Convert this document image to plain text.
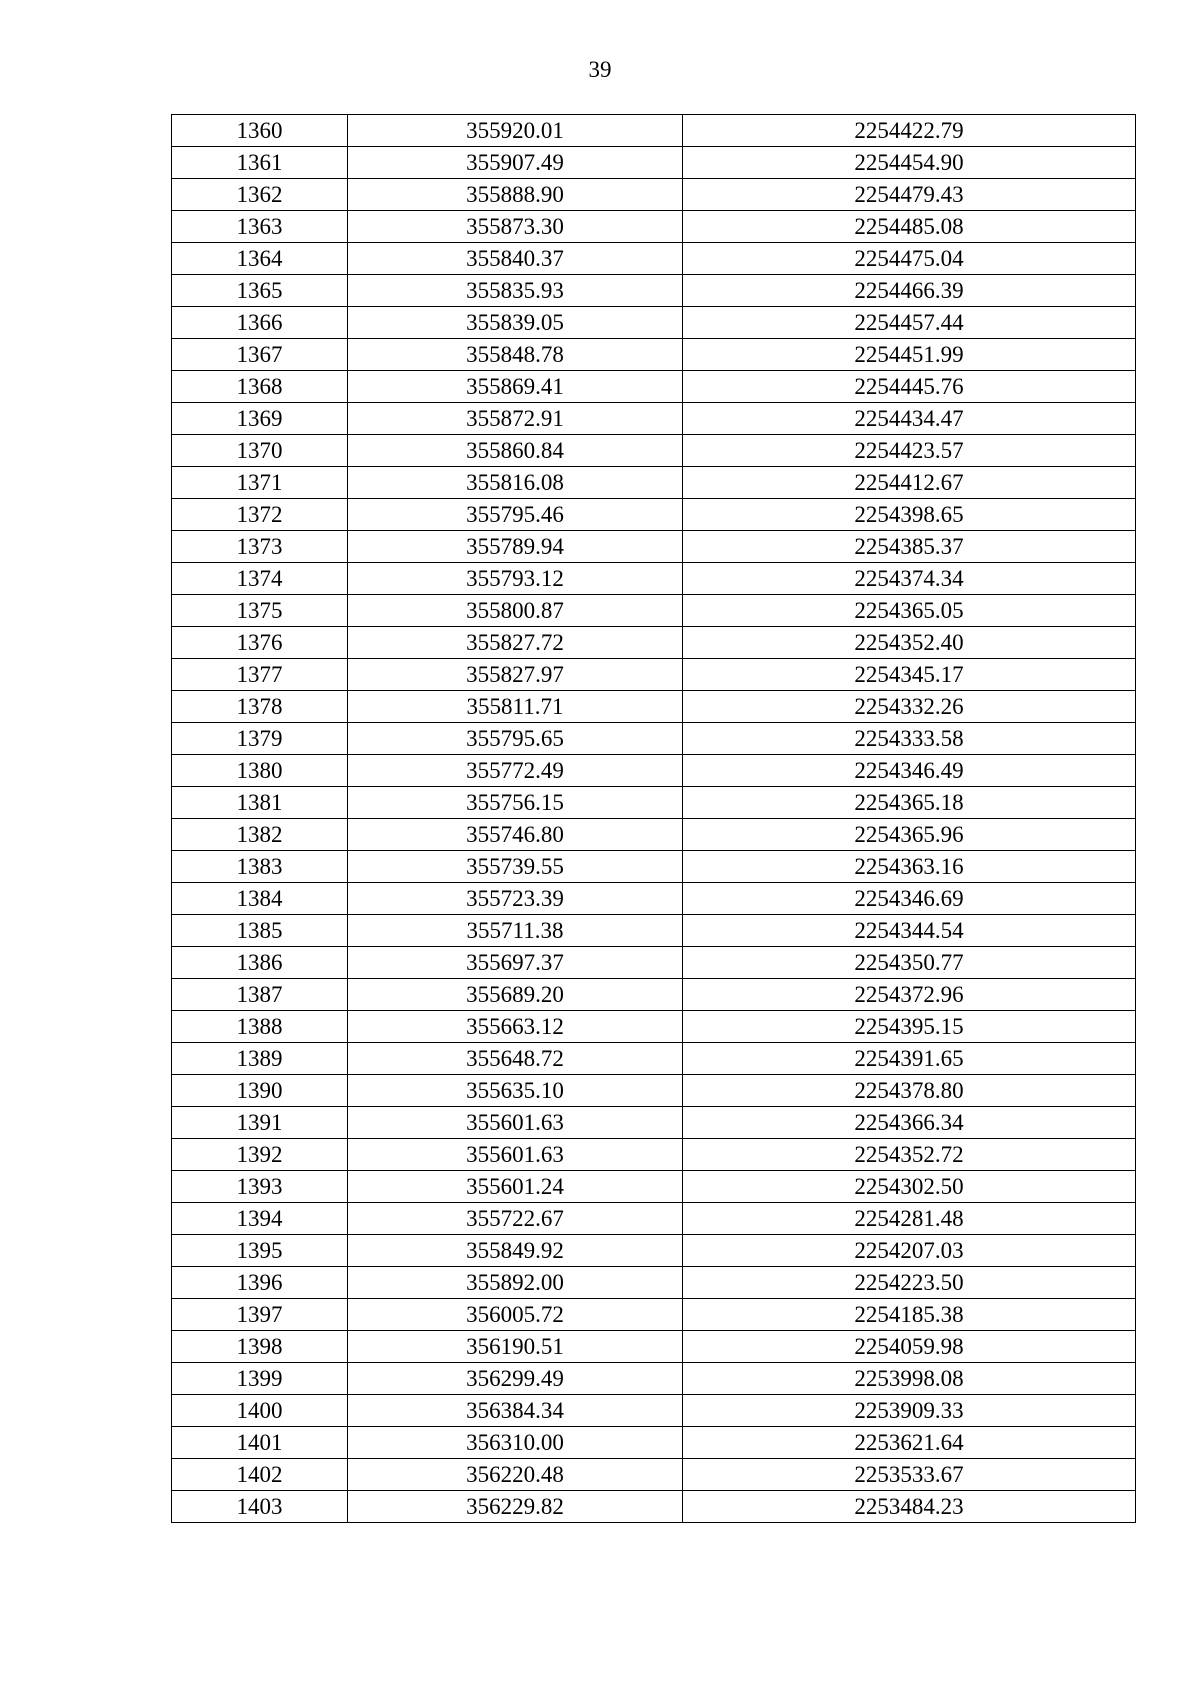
39
1360	355920.01	2254422.79
1361	355907.49	2254454.90
1362	355888.90	2254479.43
1363	355873.30	2254485.08
1364	355840.37	2254475.04
1365	355835.93	2254466.39
1366	355839.05	2254457.44
1367	355848.78	2254451.99
1368	355869.41	2254445.76
1369	355872.91	2254434.47
1370	355860.84	2254423.57
1371	355816.08	2254412.67
1372	355795.46	2254398.65
1373	355789.94	2254385.37
1374	355793.12	2254374.34
1375	355800.87	2254365.05
1376	355827.72	2254352.40
1377	355827.97	2254345.17
1378	355811.71	2254332.26
1379	355795.65	2254333.58
1380	355772.49	2254346.49
1381	355756.15	2254365.18
1382	355746.80	2254365.96
1383	355739.55	2254363.16
1384	355723.39	2254346.69
1385	355711.38	2254344.54
1386	355697.37	2254350.77
1387	355689.20	2254372.96
1388	355663.12	2254395.15
1389	355648.72	2254391.65
1390	355635.10	2254378.80
1391	355601.63	2254366.34
1392	355601.63	2254352.72
1393	355601.24	2254302.50
1394	355722.67	2254281.48
1395	355849.92	2254207.03
1396	355892.00	2254223.50
1397	356005.72	2254185.38
1398	356190.51	2254059.98
1399	356299.49	2253998.08
1400	356384.34	2253909.33
1401	356310.00	2253621.64
1402	356220.48	2253533.67
1403	356229.82	2253484.23
